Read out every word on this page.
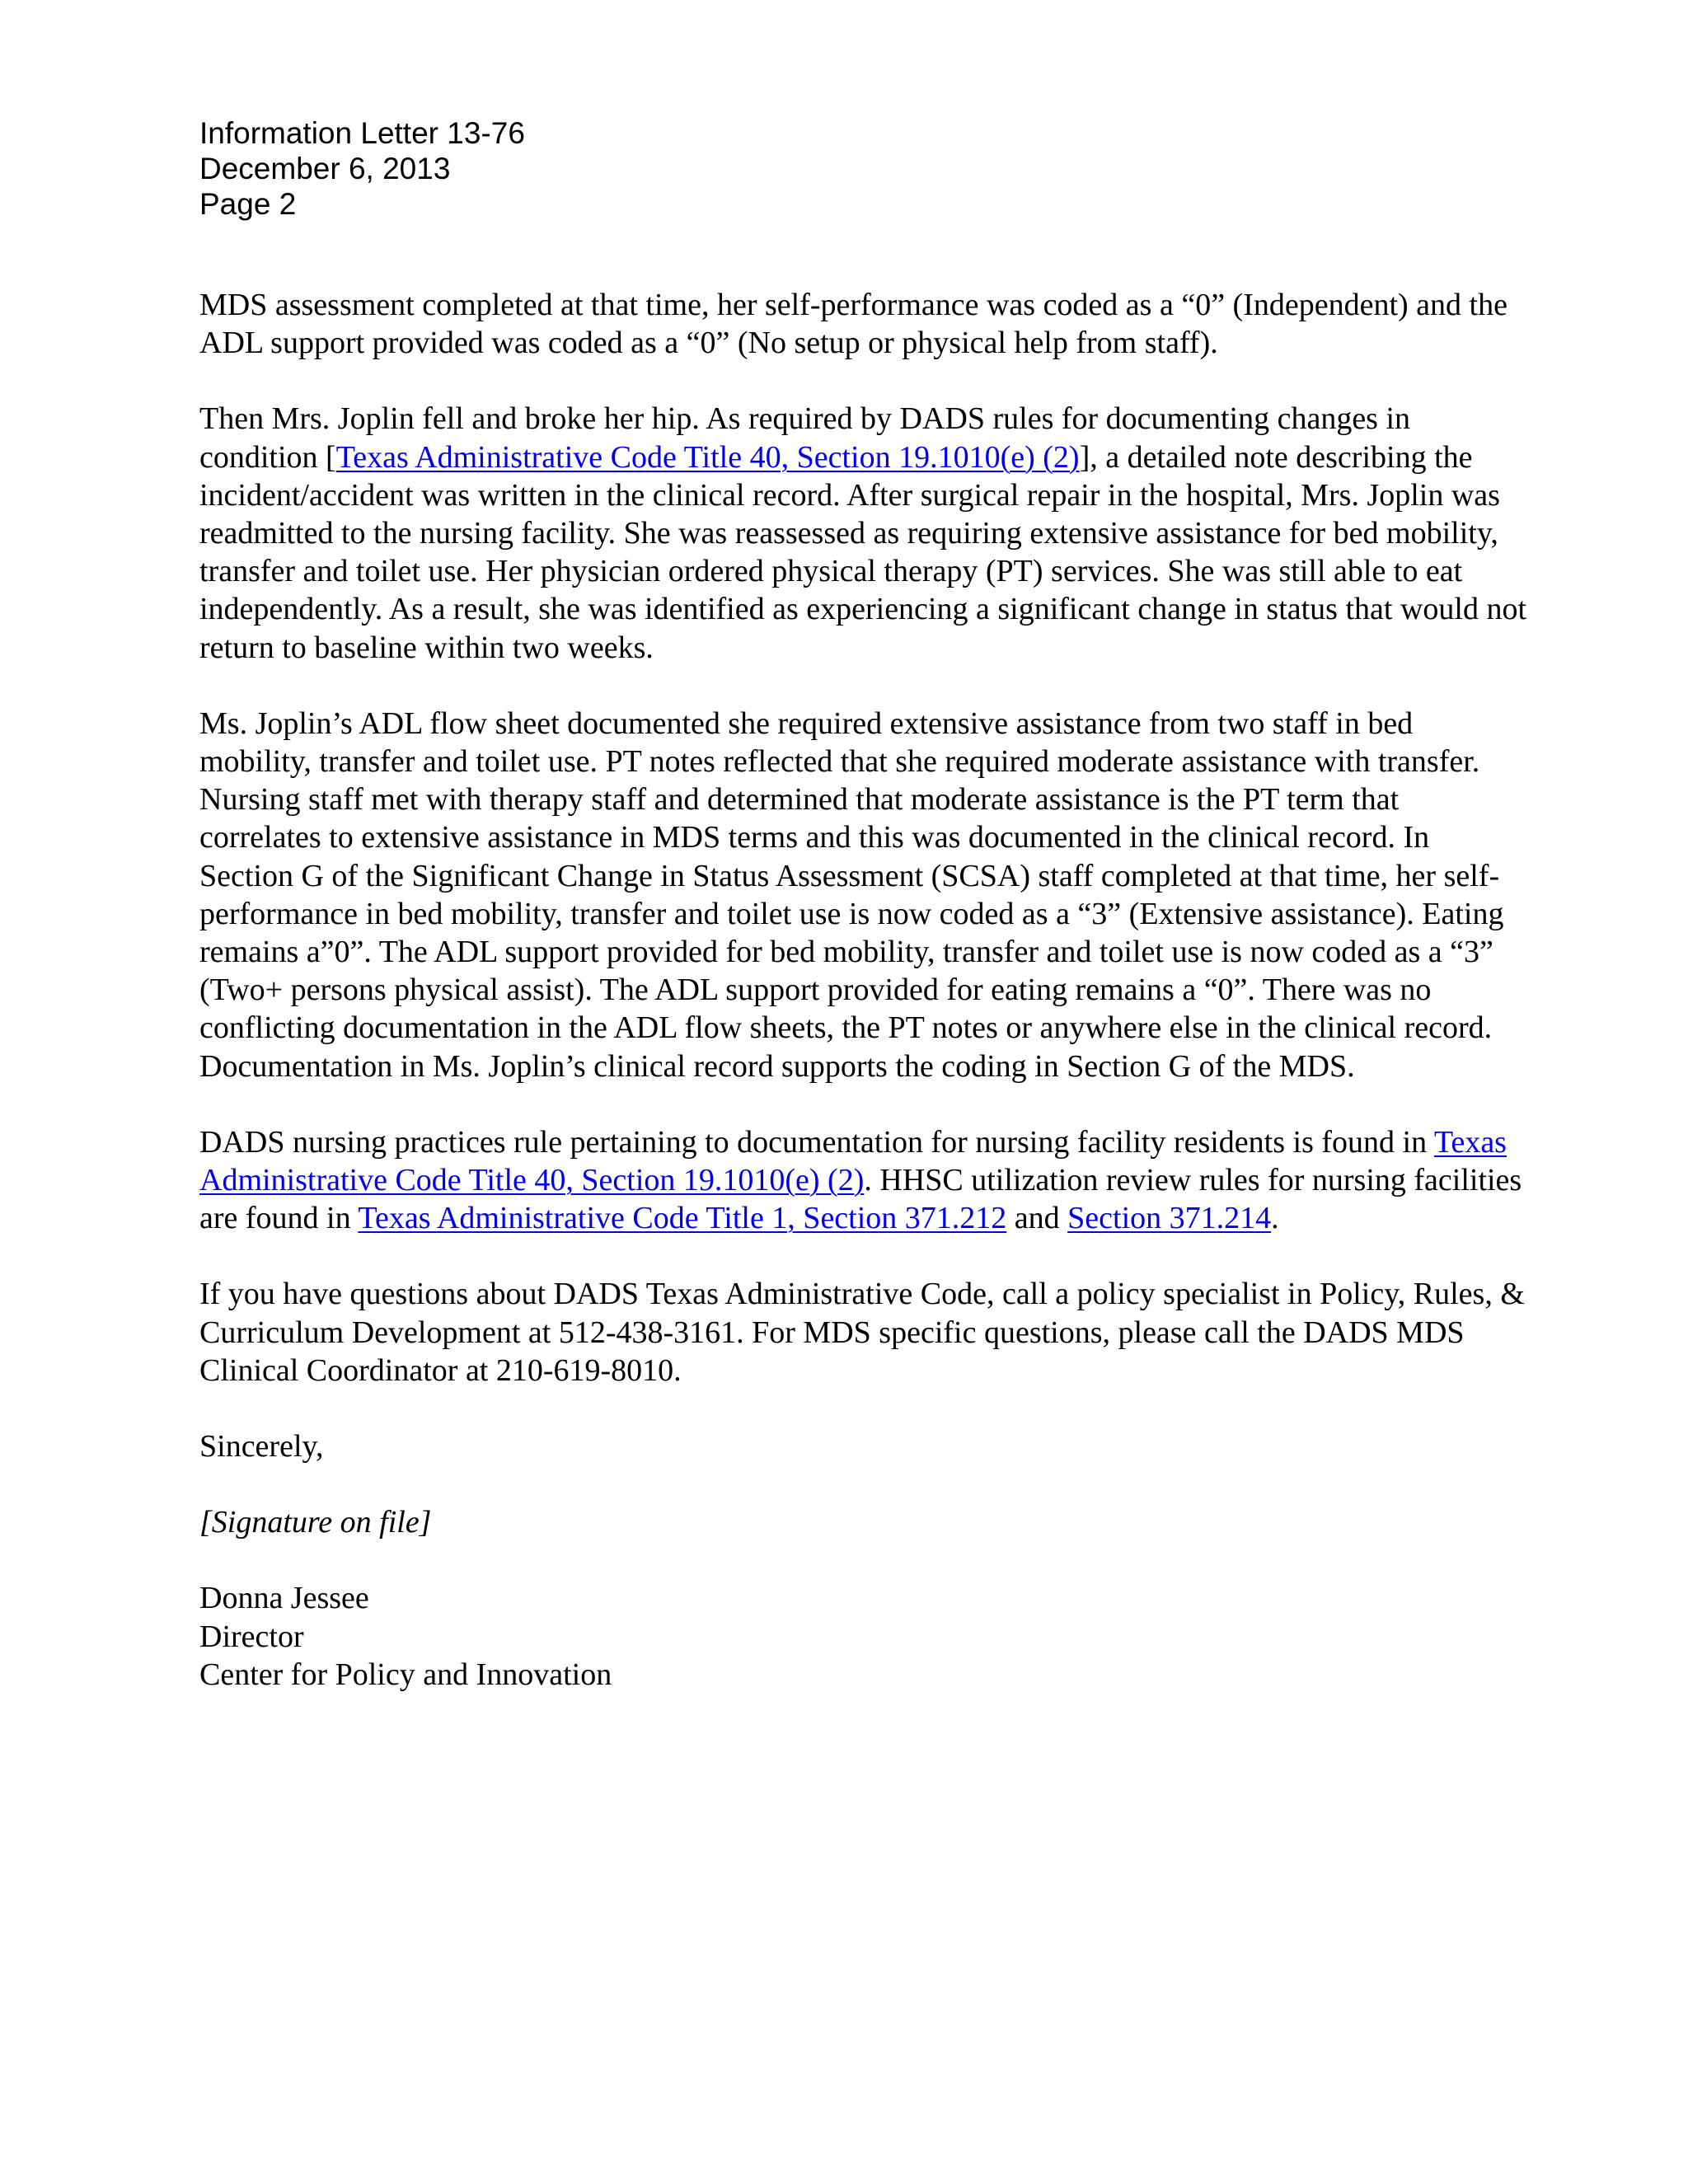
Information Letter 13-76
December 6, 2013
Page 2

MDS assessment completed at that time, her self-performance was coded as a “0” (Independent) and the ADL support provided was coded as a “0” (No setup or physical help from staff).

Then Mrs. Joplin fell and broke her hip. As required by DADS rules for documenting changes in condition [Texas Administrative Code Title 40, Section 19.1010(e) (2)], a detailed note describing the incident/accident was written in the clinical record. After surgical repair in the hospital, Mrs. Joplin was readmitted to the nursing facility. She was reassessed as requiring extensive assistance for bed mobility, transfer and toilet use. Her physician ordered physical therapy (PT) services. She was still able to eat independently. As a result, she was identified as experiencing a significant change in status that would not return to baseline within two weeks.

Ms. Joplin’s ADL flow sheet documented she required extensive assistance from two staff in bed mobility, transfer and toilet use. PT notes reflected that she required moderate assistance with transfer. Nursing staff met with therapy staff and determined that moderate assistance is the PT term that correlates to extensive assistance in MDS terms and this was documented in the clinical record. In Section G of the Significant Change in Status Assessment (SCSA) staff completed at that time, her self-performance in bed mobility, transfer and toilet use is now coded as a “3” (Extensive assistance). Eating remains a”0”. The ADL support provided for bed mobility, transfer and toilet use is now coded as a “3” (Two+ persons physical assist). The ADL support provided for eating remains a “0”. There was no conflicting documentation in the ADL flow sheets, the PT notes or anywhere else in the clinical record. Documentation in Ms. Joplin’s clinical record supports the coding in Section G of the MDS.

DADS nursing practices rule pertaining to documentation for nursing facility residents is found in Texas Administrative Code Title 40, Section 19.1010(e) (2). HHSC utilization review rules for nursing facilities are found in Texas Administrative Code Title 1, Section 371.212 and Section 371.214.

If you have questions about DADS Texas Administrative Code, call a policy specialist in Policy, Rules, & Curriculum Development at 512-438-3161. For MDS specific questions, please call the DADS MDS Clinical Coordinator at 210-619-8010.

Sincerely,

[Signature on file]

Donna Jessee
Director
Center for Policy and Innovation
